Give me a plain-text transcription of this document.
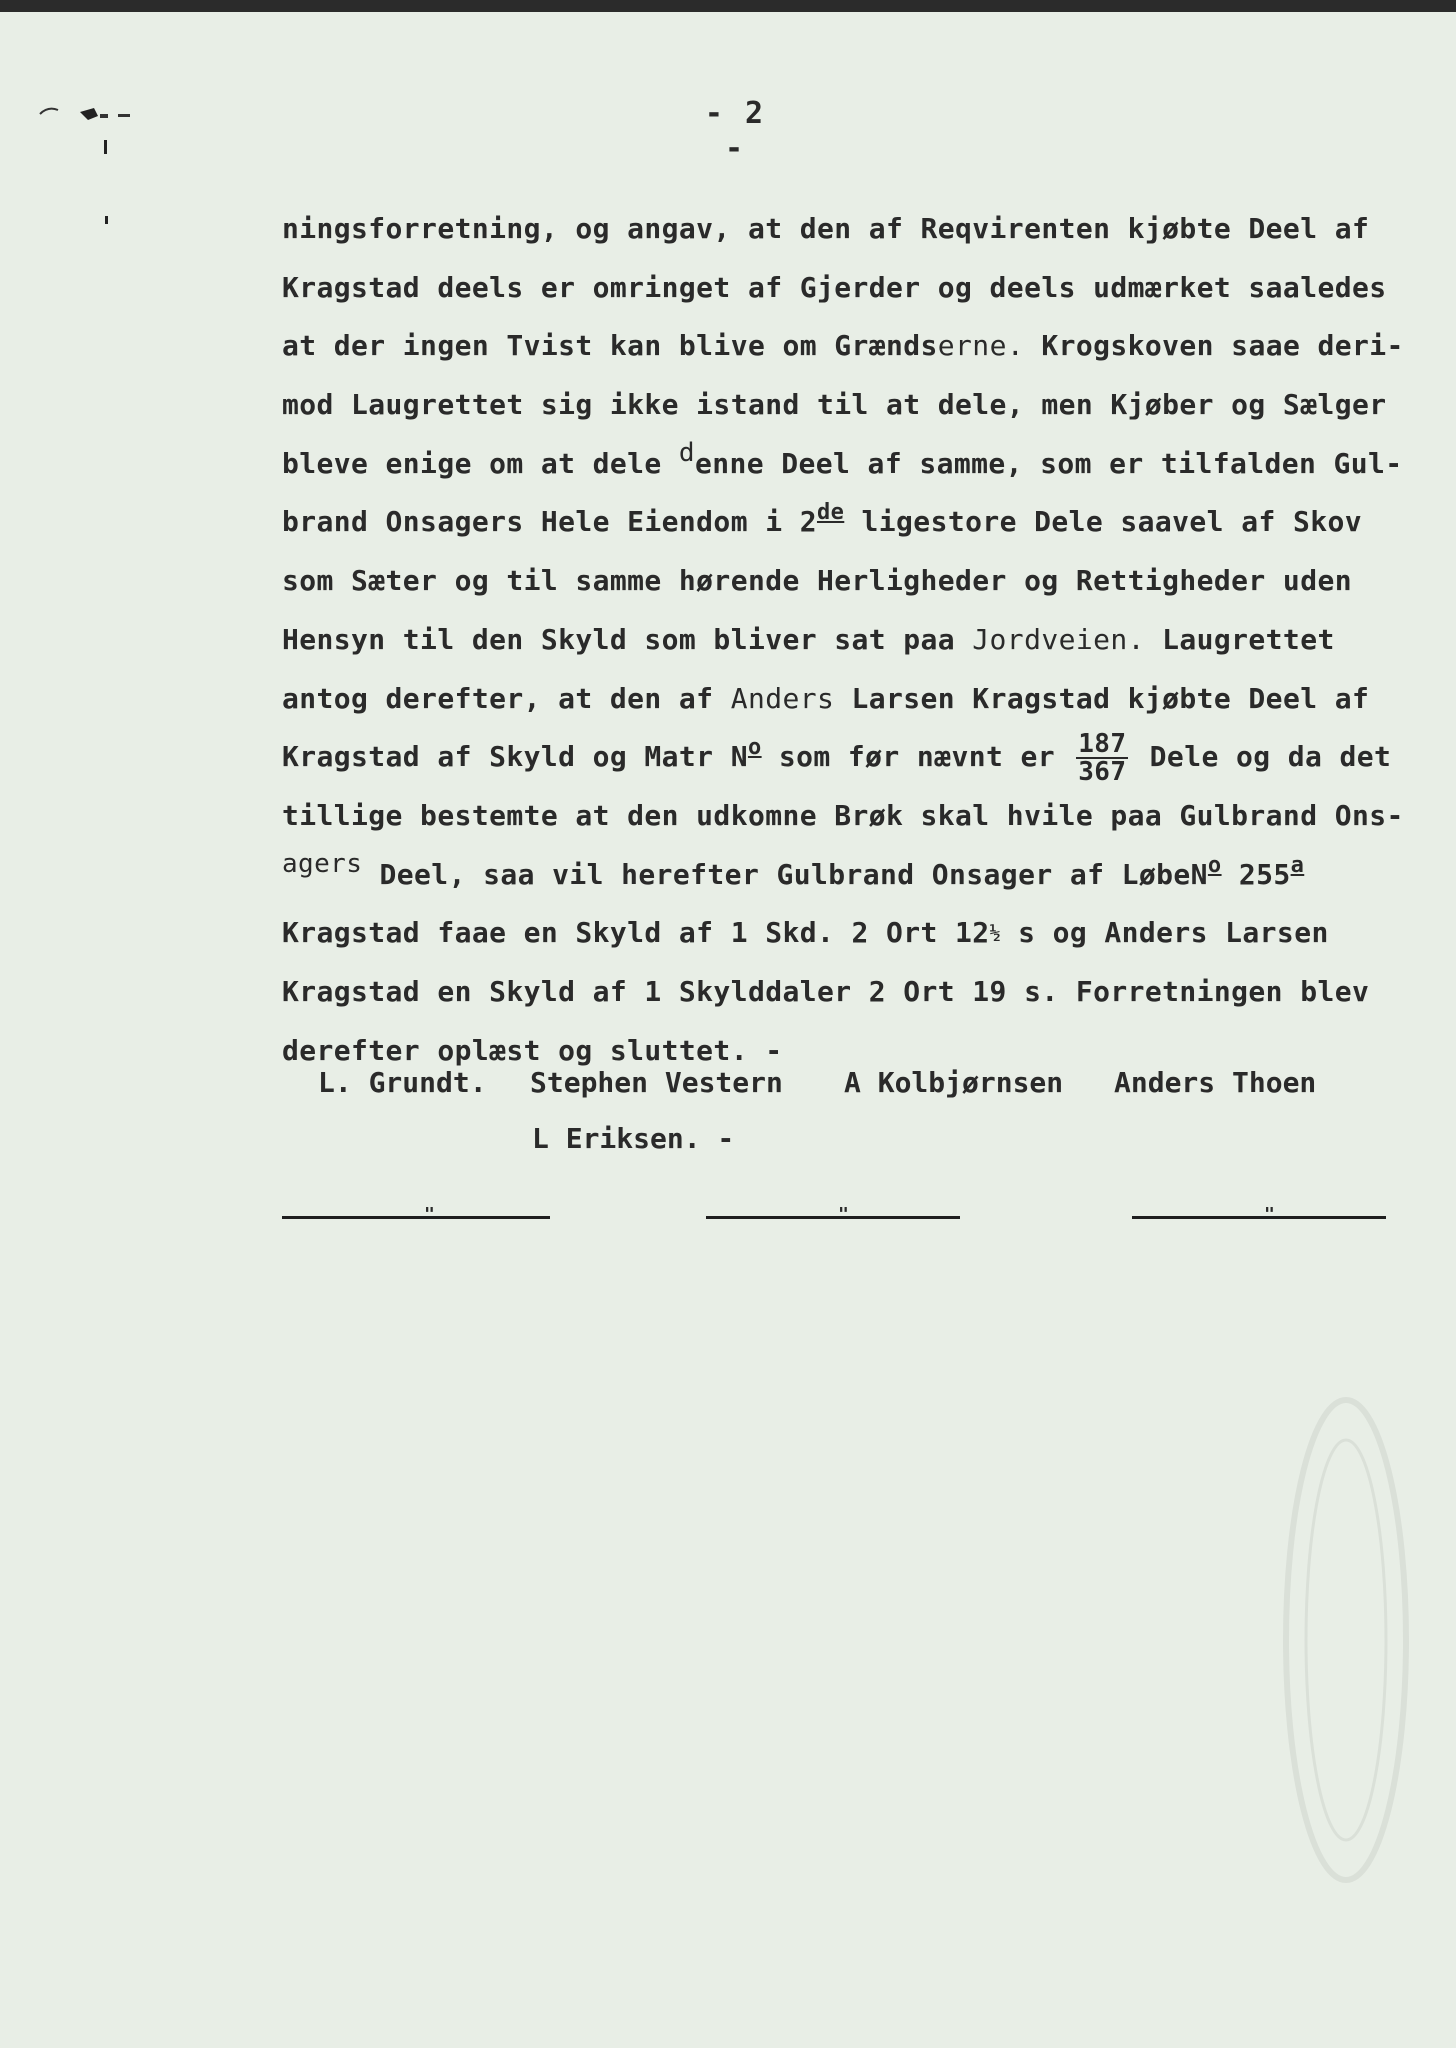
- 2 -
ningsforretning, og angav, at den af Reqvirenten kjøbte Deel af
Kragstad deels er omringet af Gjerder og deels udmærket saaledes
at der ingen Tvist kan blive om Grændserne. Krogskoven saae deri-
mod Laugrettet sig ikke istand til at dele, men Kjøber og Sælger
bleve enige om at dele denne Deel af samme, som er tilfalden Gul-
brand Onsagers Hele Eiendom i 2de ligestore Dele saavel af Skov
som Sæter og til samme hørende Herligheder og Rettigheder uden
Hensyn til den Skyld som bliver sat paa Jordveien. Laugrettet
antog derefter, at den af Anders Larsen Kragstad kjøbte Deel af
Kragstad af Skyld og Matr $N^o$ som før nævnt er $\frac{187}{367}$ Dele og da det
tillige bestemte at den udkomne Brøk skal hvile paa Gulbrand Ons-
agers Deel, saa vil herefter Gulbrand Onsager af LøbeN$^o$ 255$^a$
Kragstad faae en Skyld af 1 Skd. 2 Ort 12½ s og Anders Larsen
Kragstad en Skyld af 1 Skylddaler 2 Ort 19 s. Forretningen blev
derefter oplæst og sluttet. -
L. Grundt. Stephen Vestern A Kolbjørnsen Anders Thoen
L Eriksen. -
"	"	"
